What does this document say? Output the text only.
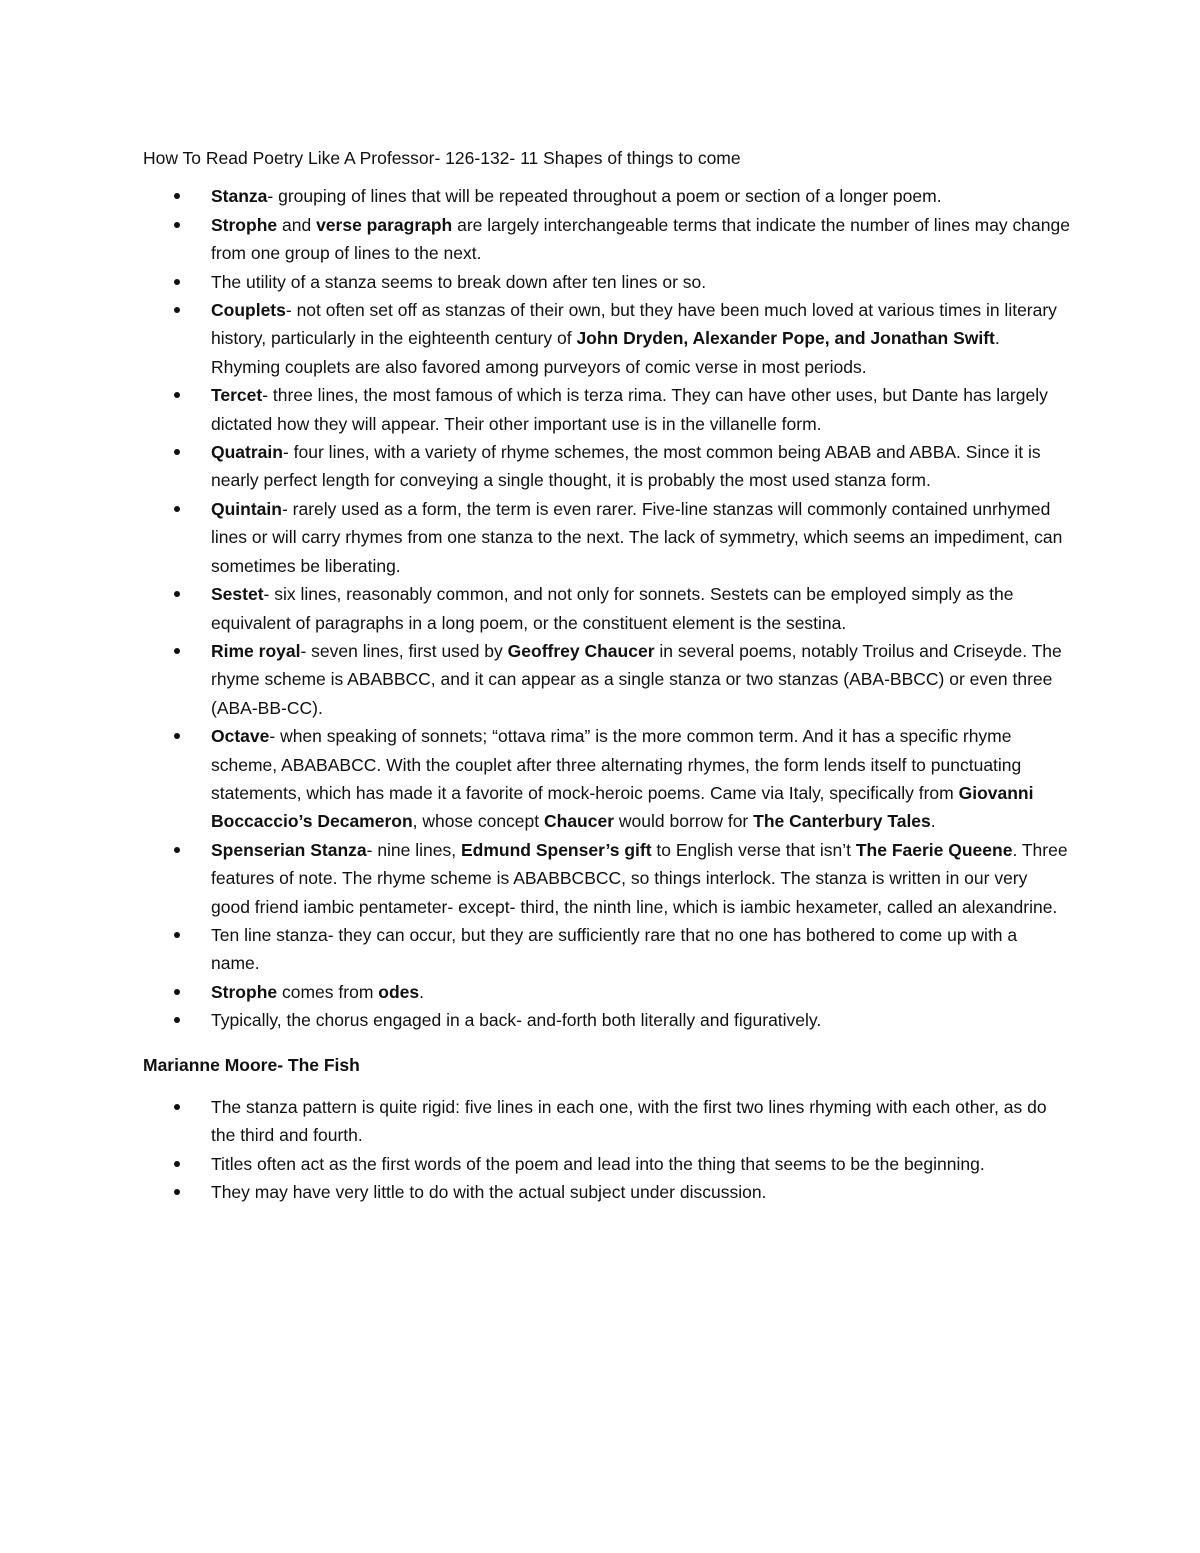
How To Read Poetry Like A Professor- 126-132- 11 Shapes of things to come
Stanza- grouping of lines that will be repeated throughout a poem or section of a longer poem.
Strophe and verse paragraph are largely interchangeable terms that indicate the number of lines may change from one group of lines to the next.
The utility of a stanza seems to break down after ten lines or so.
Couplets- not often set off as stanzas of their own, but they have been much loved at various times in literary history, particularly in the eighteenth century of John Dryden, Alexander Pope, and Jonathan Swift. Rhyming couplets are also favored among purveyors of comic verse in most periods.
Tercet- three lines, the most famous of which is terza rima. They can have other uses, but Dante has largely dictated how they will appear. Their other important use is in the villanelle form.
Quatrain- four lines, with a variety of rhyme schemes, the most common being ABAB and ABBA. Since it is nearly perfect length for conveying a single thought, it is probably the most used stanza form.
Quintain- rarely used as a form, the term is even rarer. Five-line stanzas will commonly contained unrhymed lines or will carry rhymes from one stanza to the next. The lack of symmetry, which seems an impediment, can sometimes be liberating.
Sestet- six lines, reasonably common, and not only for sonnets. Sestets can be employed simply as the equivalent of paragraphs in a long poem, or the constituent element is the sestina.
Rime royal- seven lines, first used by Geoffrey Chaucer in several poems, notably Troilus and Criseyde. The rhyme scheme is ABABBCC, and it can appear as a single stanza or two stanzas (ABA-BBCC) or even three (ABA-BB-CC).
Octave- when speaking of sonnets; “ottava rima” is the more common term. And it has a specific rhyme scheme, ABABABCC. With the couplet after three alternating rhymes, the form lends itself to punctuating statements, which has made it a favorite of mock-heroic poems. Came via Italy, specifically from Giovanni Boccaccio’s Decameron, whose concept Chaucer would borrow for The Canterbury Tales.
Spenserian Stanza- nine lines, Edmund Spenser’s gift to English verse that isn’t The Faerie Queene. Three features of note. The rhyme scheme is ABABBCBCC, so things interlock. The stanza is written in our very good friend iambic pentameter- except- third, the ninth line, which is iambic hexameter, called an alexandrine.
Ten line stanza- they can occur, but they are sufficiently rare that no one has bothered to come up with a name.
Strophe comes from odes.
Typically, the chorus engaged in a back- and-forth both literally and figuratively.
Marianne Moore- The Fish
The stanza pattern is quite rigid: five lines in each one, with the first two lines rhyming with each other, as do the third and fourth.
Titles often act as the first words of the poem and lead into the thing that seems to be the beginning.
They may have very little to do with the actual subject under discussion.
